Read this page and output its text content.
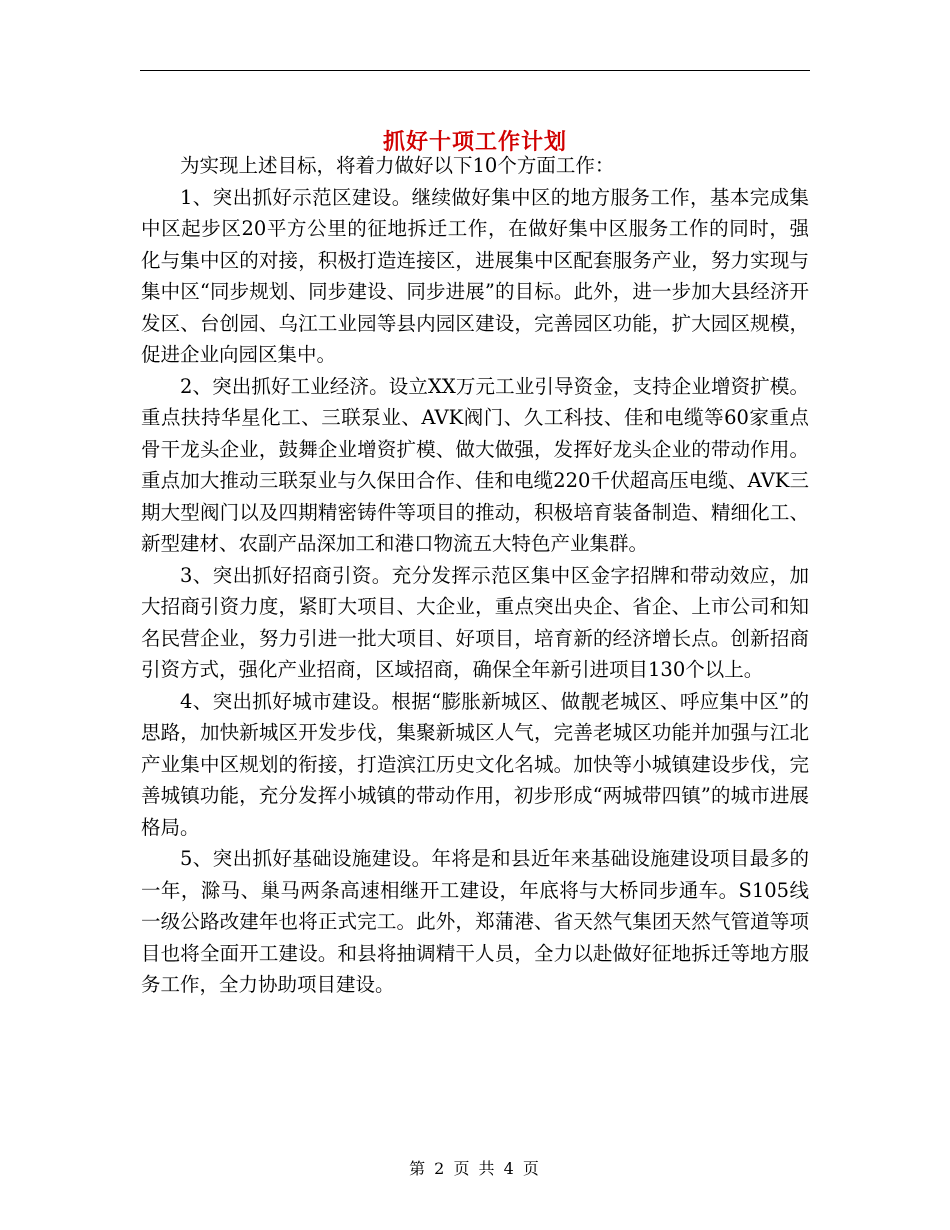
抓好十项工作计划

为实现上述目标，将着力做好以下10个方面工作：

1、突出抓好示范区建设。继续做好集中区的地方服务工作，基本完成集中区起步区20平方公里的征地拆迁工作，在做好集中区服务工作的同时，强化与集中区的对接，积极打造连接区，进展集中区配套服务产业，努力实现与集中区“同步规划、同步建设、同步进展”的目标。此外，进一步加大县经济开发区、台创园、乌江工业园等县内园区建设，完善园区功能，扩大园区规模，促进企业向园区集中。

2、突出抓好工业经济。设立XX万元工业引导资金，支持企业增资扩模。重点扶持华星化工、三联泵业、AVK阀门、久工科技、佳和电缆等60家重点骨干龙头企业，鼓舞企业增资扩模、做大做强，发挥好龙头企业的带动作用。重点加大推动三联泵业与久保田合作、佳和电缆220千伏超高压电缆、AVK三期大型阀门以及四期精密铸件等项目的推动，积极培育装备制造、精细化工、新型建材、农副产品深加工和港口物流五大特色产业集群。

3、突出抓好招商引资。充分发挥示范区集中区金字招牌和带动效应，加大招商引资力度，紧盯大项目、大企业，重点突出央企、省企、上市公司和知名民营企业，努力引进一批大项目、好项目，培育新的经济增长点。创新招商引资方式，强化产业招商，区域招商，确保全年新引进项目130个以上。

4、突出抓好城市建设。根据“膨胀新城区、做靓老城区、呼应集中区”的思路，加快新城区开发步伐，集聚新城区人气，完善老城区功能并加强与江北产业集中区规划的衔接，打造滨江历史文化名城。加快等小城镇建设步伐，完善城镇功能，充分发挥小城镇的带动作用，初步形成“两城带四镇”的城市进展格局。

5、突出抓好基础设施建设。年将是和县近年来基础设施建设项目最多的一年，滁马、巢马两条高速相继开工建设，年底将与大桥同步通车。S105线一级公路改建年也将正式完工。此外，郑蒲港、省天然气集团天然气管道等项目也将全面开工建设。和县将抽调精干人员，全力以赴做好征地拆迁等地方服务工作，全力协助项目建设。

第 2 页 共 4 页
